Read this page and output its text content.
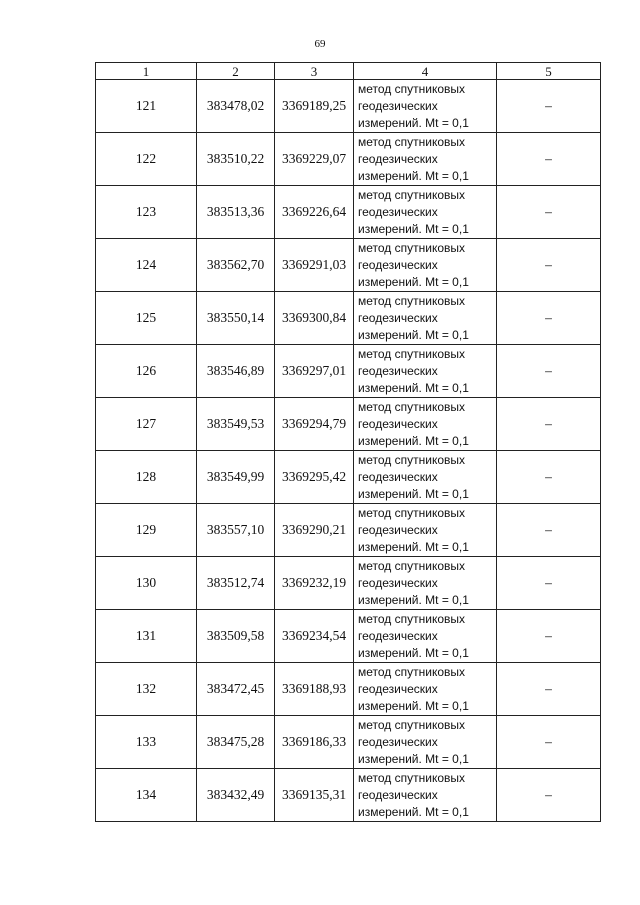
69
1	2	3	4	5
121	383478,02	3369189,25	метод спутниковых
геодезических
измерений. Mt = 0,1	–
122	383510,22	3369229,07	метод спутниковых
геодезических
измерений. Mt = 0,1	–
123	383513,36	3369226,64	метод спутниковых
геодезических
измерений. Mt = 0,1	–
124	383562,70	3369291,03	метод спутниковых
геодезических
измерений. Mt = 0,1	–
125	383550,14	3369300,84	метод спутниковых
геодезических
измерений. Mt = 0,1	–
126	383546,89	3369297,01	метод спутниковых
геодезических
измерений. Mt = 0,1	–
127	383549,53	3369294,79	метод спутниковых
геодезических
измерений. Mt = 0,1	–
128	383549,99	3369295,42	метод спутниковых
геодезических
измерений. Mt = 0,1	–
129	383557,10	3369290,21	метод спутниковых
геодезических
измерений. Mt = 0,1	–
130	383512,74	3369232,19	метод спутниковых
геодезических
измерений. Mt = 0,1	–
131	383509,58	3369234,54	метод спутниковых
геодезических
измерений. Mt = 0,1	–
132	383472,45	3369188,93	метод спутниковых
геодезических
измерений. Mt = 0,1	–
133	383475,28	3369186,33	метод спутниковых
геодезических
измерений. Mt = 0,1	–
134	383432,49	3369135,31	метод спутниковых
геодезических
измерений. Mt = 0,1	–
